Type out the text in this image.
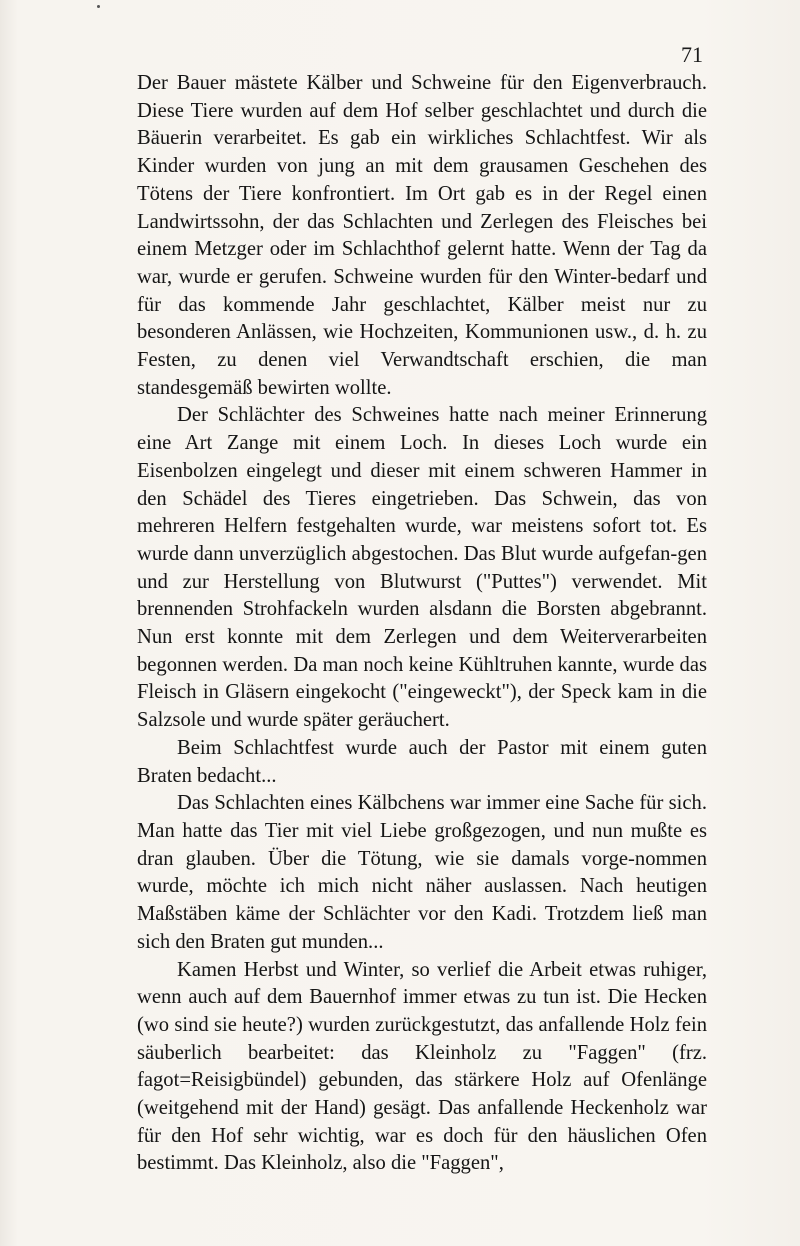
71

Der Bauer mästete Kälber und Schweine für den Eigenverbrauch. Diese Tiere wurden auf dem Hof selber geschlachtet und durch die Bäuerin verarbeitet. Es gab ein wirkliches Schlachtfest. Wir als Kinder wurden von jung an mit dem grausamen Geschehen des Tötens der Tiere konfrontiert. Im Ort gab es in der Regel einen Landwirtssohn, der das Schlachten und Zerlegen des Fleisches bei einem Metzger oder im Schlachthof gelernt hatte. Wenn der Tag da war, wurde er gerufen. Schweine wurden für den Winter-bedarf und für das kommende Jahr geschlachtet, Kälber meist nur zu besonderen Anlässen, wie Hochzeiten, Kommunionen usw., d. h. zu Festen, zu denen viel Verwandtschaft erschien, die man standesgemäß bewirten wollte.

Der Schlächter des Schweines hatte nach meiner Erinnerung eine Art Zange mit einem Loch. In dieses Loch wurde ein Eisenbolzen eingelegt und dieser mit einem schweren Hammer in den Schädel des Tieres eingetrieben. Das Schwein, das von mehreren Helfern festgehalten wurde, war meistens sofort tot. Es wurde dann unverzüglich abgestochen. Das Blut wurde aufgefan-gen und zur Herstellung von Blutwurst ("Puttes") verwendet. Mit brennenden Strohfackeln wurden alsdann die Borsten abgebrannt. Nun erst konnte mit dem Zerlegen und dem Weiterverarbeiten begonnen werden. Da man noch keine Kühltruhen kannte, wurde das Fleisch in Gläsern eingekocht ("eingeweckt"), der Speck kam in die Salzsole und wurde später geräuchert.

Beim Schlachtfest wurde auch der Pastor mit einem guten Braten bedacht...

Das Schlachten eines Kälbchens war immer eine Sache für sich. Man hatte das Tier mit viel Liebe großgezogen, und nun mußte es dran glauben. Über die Tötung, wie sie damals vorge-nommen wurde, möchte ich mich nicht näher auslassen. Nach heutigen Maßstäben käme der Schlächter vor den Kadi. Trotzdem ließ man sich den Braten gut munden...

Kamen Herbst und Winter, so verlief die Arbeit etwas ruhiger, wenn auch auf dem Bauernhof immer etwas zu tun ist. Die Hecken (wo sind sie heute?) wurden zurückgestutzt, das anfallende Holz fein säuberlich bearbeitet: das Kleinholz zu "Faggen" (frz. fagot=Reisigbündel) gebunden, das stärkere Holz auf Ofenlänge (weitgehend mit der Hand) gesägt. Das anfallende Heckenholz war für den Hof sehr wichtig, war es doch für den häuslichen Ofen bestimmt. Das Kleinholz, also die "Faggen",
